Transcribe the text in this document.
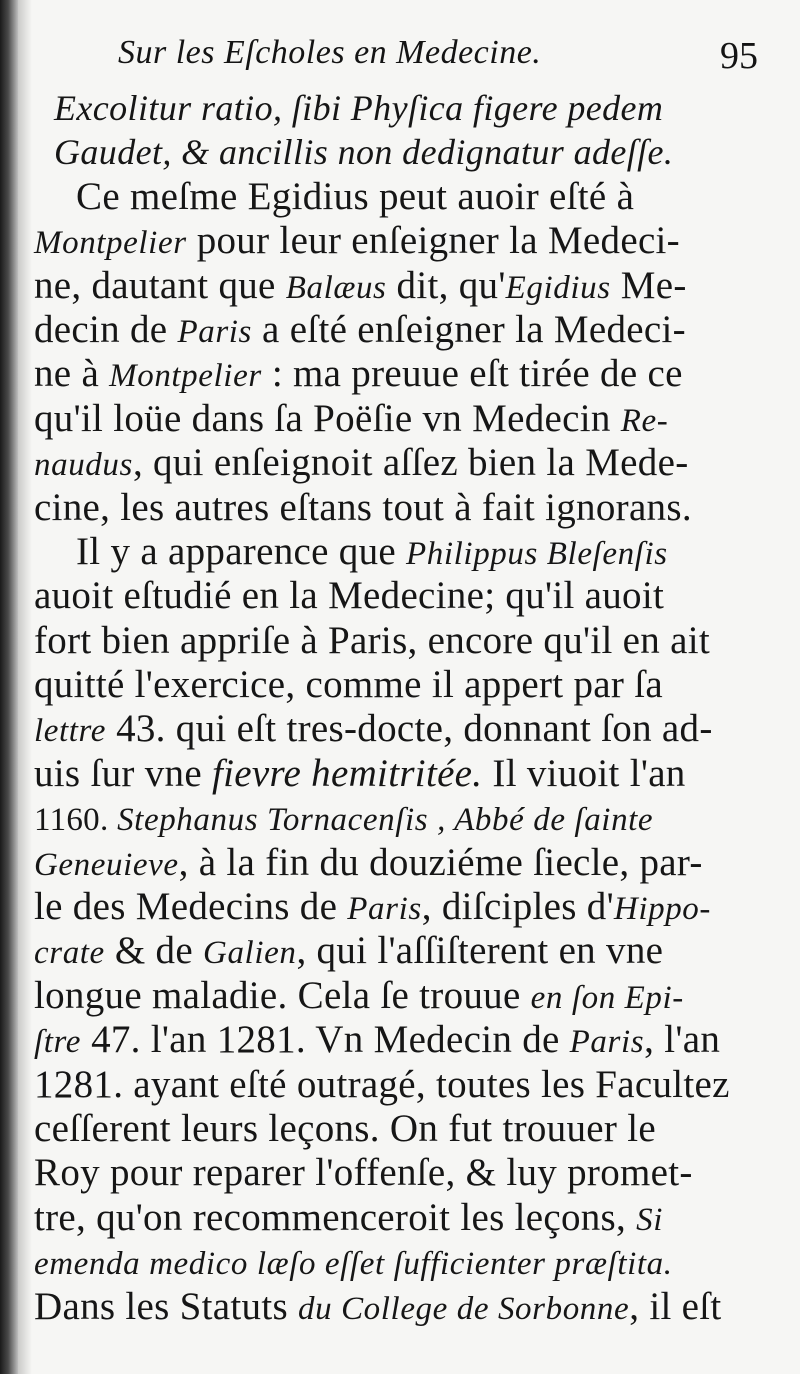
Sur les Eſcholes en Medecine.	95
Excolitur ratio, ſibi Phyſica figere pedem
Gaudet, & ancillis non dedignatur adeſſe.
Ce meſme Egidius peut auoir eſté à
Montpelier pour leur enſeigner la Medeci-
ne, dautant que Balæus dit, qu'Egidius Me-
decin de Paris a eſté enſeigner la Medeci-
ne à Montpelier : ma preuue eſt tirée de ce
qu'il loüe dans ſa Poëſie vn Medecin Re-
naudus, qui enſeignoit aſſez bien la Mede-
cine, les autres eſtans tout à fait ignorans.
Il y a apparence que Philippus Bleſenſis
auoit eſtudié en la Medecine; qu'il auoit
fort bien appriſe à Paris, encore qu'il en ait
quitté l'exercice, comme il appert par ſa
lettre 43. qui eſt tres-docte, donnant ſon ad-
uis ſur vne fievre hemitritée. Il viuoit l'an
1160. Stephanus Tornacenſis , Abbé de ſainte
Geneuieve, à la fin du douziéme ſiecle, par-
le des Medecins de Paris, diſciples d'Hippo-
crate & de Galien, qui l'aſſiſterent en vne
longue maladie. Cela ſe trouue en ſon Epi-
ſtre 47. l'an 1281. Vn Medecin de Paris, l'an
1281. ayant eſté outragé, toutes les Facultez
ceſſerent leurs leçons. On fut trouuer le
Roy pour reparer l'offenſe, & luy promet-
tre, qu'on recommenceroit les leçons, Si
emenda medico læſo eſſet ſufficienter præſtita.
Dans les Statuts du College de Sorbonne, il eſt
